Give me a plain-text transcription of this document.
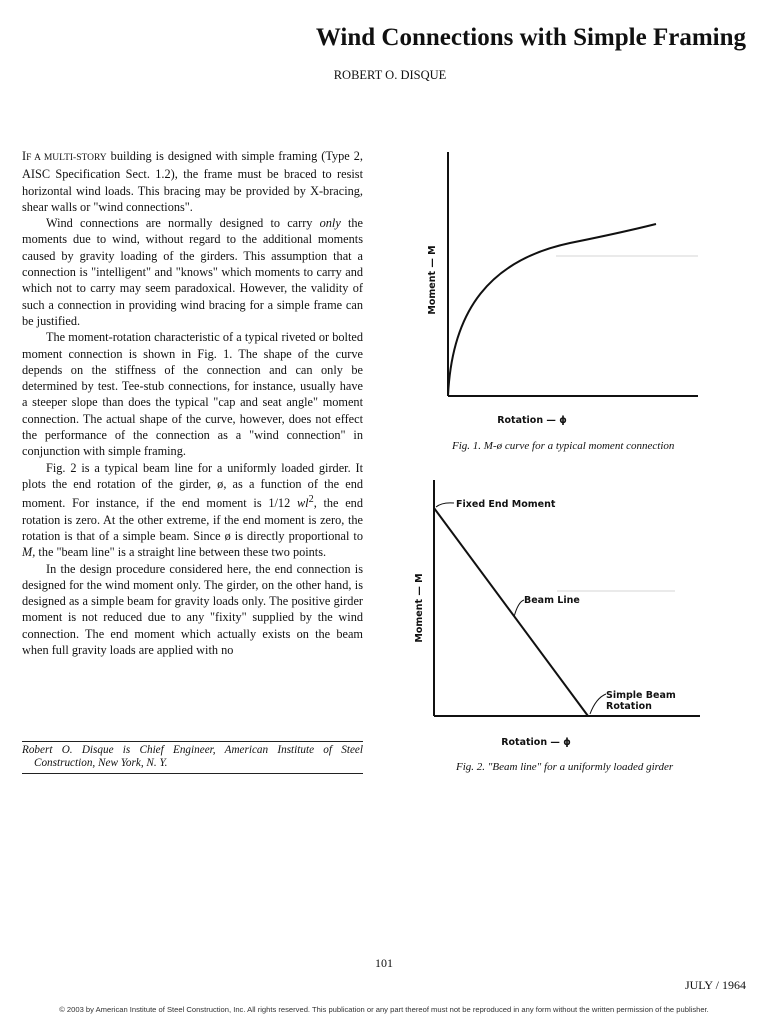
Wind Connections with Simple Framing
ROBERT O. DISQUE

IF A MULTI-STORY building is designed with simple framing (Type 2, AISC Specification Sect. 1.2), the frame must be braced to resist horizontal wind loads. This bracing may be provided by X-bracing, shear walls or "wind connections".

Wind connections are normally designed to carry only the moments due to wind, without regard to the additional moments caused by gravity loading of the girders. This assumption that a connection is "intelligent" and "knows" which moments to carry and which not to carry may seem paradoxical. However, the validity of such a connection in providing wind bracing for a simple frame can be justified.

The moment-rotation characteristic of a typical riveted or bolted moment connection is shown in Fig. 1. The shape of the curve depends on the stiffness of the connection and can only be determined by test. Tee-stub connections, for instance, usually have a steeper slope than does the typical "cap and seat angle" moment connection. The actual shape of the curve, however, does not effect the performance of the connection as a "wind connection" in conjunction with simple framing.

Fig. 2 is a typical beam line for a uniformly loaded girder. It plots the end rotation of the girder, ø, as a function of the end moment. For instance, if the end moment is 1/12 $wl^2$, the end rotation is zero. At the other extreme, if the end moment is zero, the rotation is that of a simple beam. Since ø is directly proportional to M, the "beam line" is a straight line between these two points.

In the design procedure considered here, the end connection is designed for the wind moment only. The girder, on the other hand, is designed as a simple beam for gravity loads only. The positive girder moment is not reduced due to any "fixity" supplied by the wind connection. The end moment which actually exists on the beam when full gravity loads are applied with no

Robert O. Disque is Chief Engineer, American Institute of Steel Construction, New York, N. Y.
Moment — M
Rotation — ϕ
Fig. 1. M-ø curve for a typical moment connection
Fixed End Moment
Beam Line
Simple Beam
Rotation
Moment — M
Rotation — ϕ
Fig. 2. "Beam line" for a uniformly loaded girder
101
JULY / 1964
© 2003 by American Institute of Steel Construction, Inc. All rights reserved. This publication or any part thereof must not be reproduced in any form without the written permission of the publisher.
